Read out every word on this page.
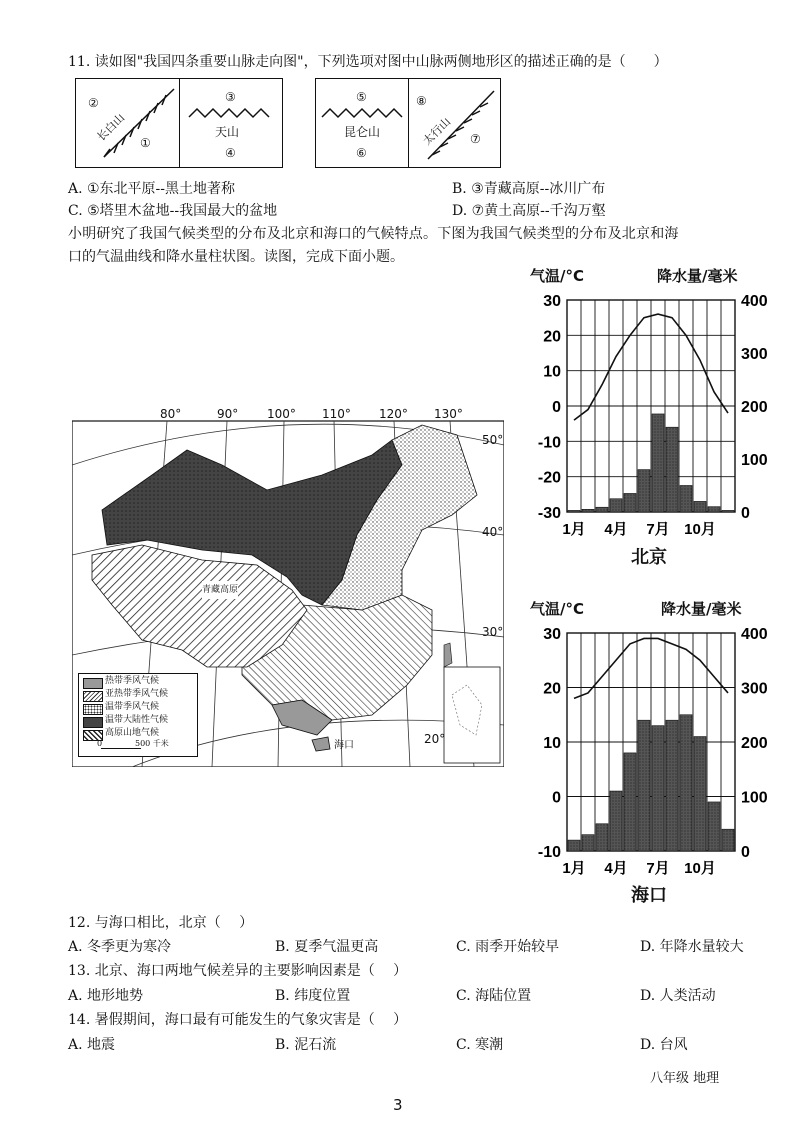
11. 读如图"我国四条重要山脉走向图"，下列选项对图中山脉两侧地形区的描述正确的是（　　）
②
①
长白山
③
天山
④
⑤
昆仑山
⑥
⑧
⑦
太行山
A. ①东北平原--黑土地著称	B. ③青藏高原--冰川广布
C. ⑤塔里木盆地--我国最大的盆地	D. ⑦黄土高原--千沟万壑
小明研究了我国气候类型的分布及北京和海口的气候特点。下图为我国气候类型的分布及北京和海
口的气温曲线和降水量柱状图。读图，完成下面小题。
80°	90° 100° 110° 120° 130°
50°
40°
30°
20°
青藏高原
海口
热带季风气候
亚热带季风气候
温带季风气候
温带大陆性气候
高原山地气候
0	500 千米
气温/°C	降水量/毫米
30
20
10
0
-10
-20
-30
400
300
200
100
0
1月 4月 7月 10月
北京
气温/°C	降水量/毫米
30
20
10
0
-10
400
300
200
100
0
1月 4月 7月 10月
海口
12. 与海口相比，北京（　 ）
A. 冬季更为寒冷	B. 夏季气温更高	C. 雨季开始较早	D. 年降水量较大
13. 北京、海口两地气候差异的主要影响因素是（　 ）
A. 地形地势	B. 纬度位置	C. 海陆位置	D. 人类活动
14. 暑假期间，海口最有可能发生的气象灾害是（　 ）
A. 地震	B. 泥石流	C. 寒潮	D. 台风
八年级 地理
3
